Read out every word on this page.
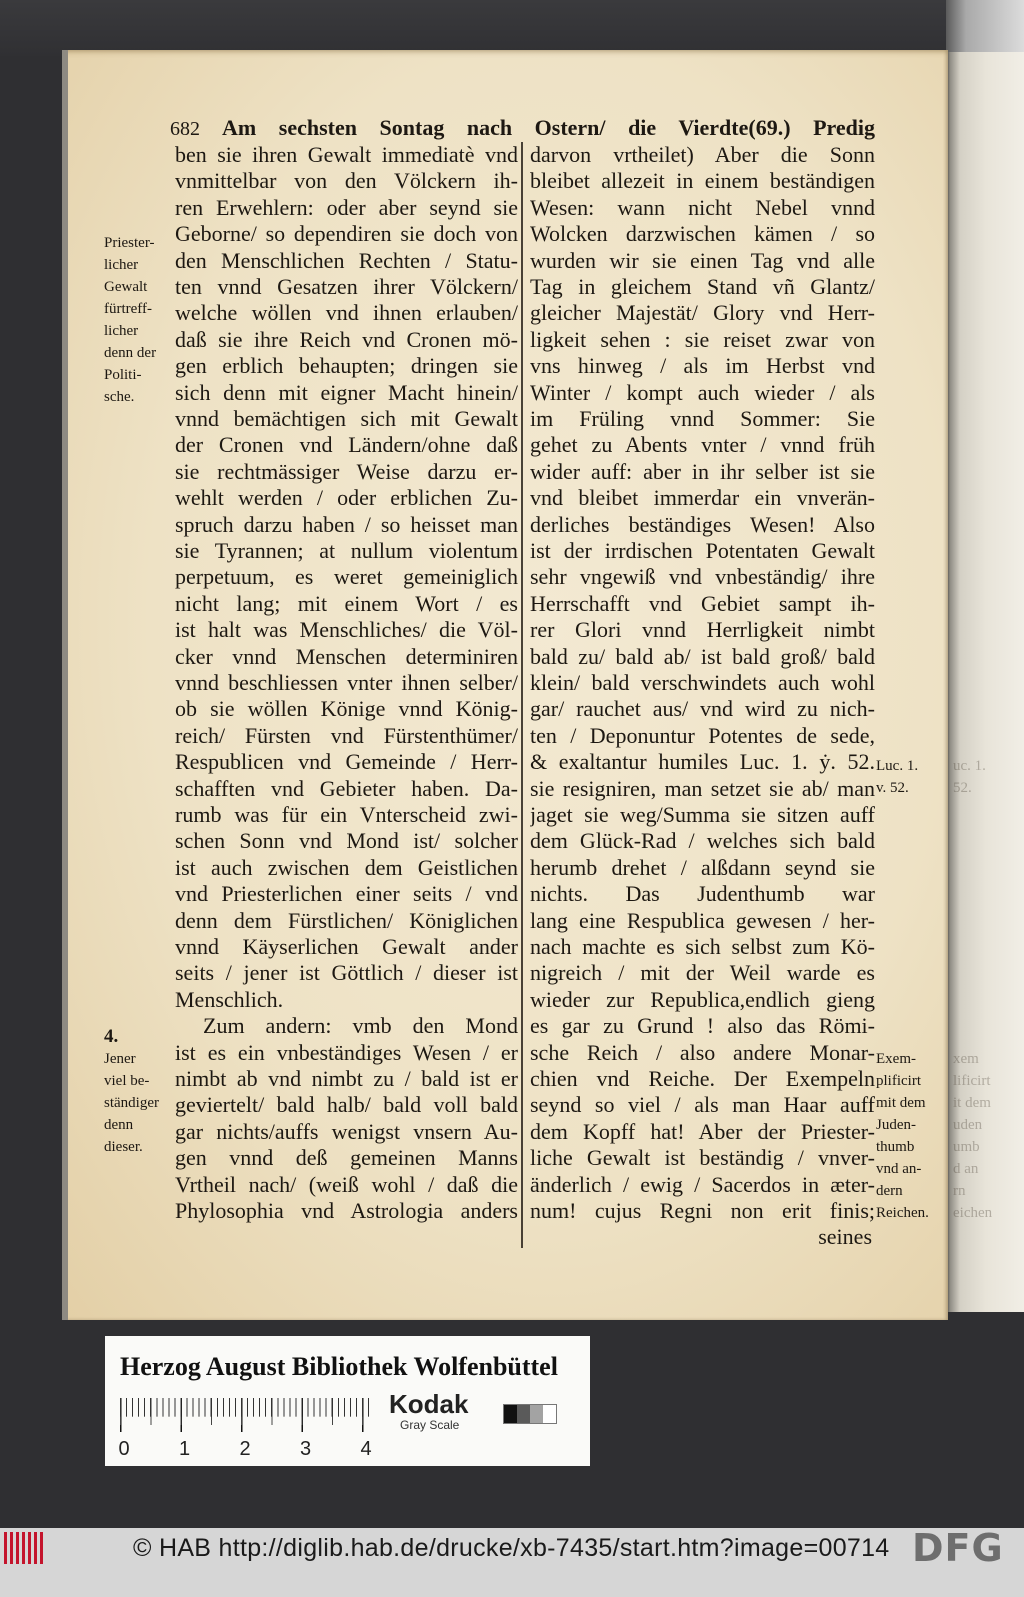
682	Am sechsten Sontag nach Ostern/ die Vierdte(69.) Predig
ben sie ihren Gewalt immediatè vnd
vnmittelbar von den Völckern ih-
ren Erwehlern: oder aber seynd sie
Geborne/ so dependiren sie doch von
den Menschlichen Rechten / Statu-
ten vnnd Gesatzen ihrer Völckern/
welche wöllen vnd ihnen erlauben/
daß sie ihre Reich vnd Cronen mö-
gen erblich behaupten; dringen sie
sich denn mit eigner Macht hinein/
vnnd bemächtigen sich mit Gewalt
der Cronen vnd Ländern/ohne daß
sie rechtmässiger Weise darzu er-
wehlt werden / oder erblichen Zu-
spruch darzu haben / so heisset man
sie Tyrannen; at nullum violentum
perpetuum, es weret gemeiniglich
nicht lang; mit einem Wort / es
ist halt was Menschliches/ die Völ-
cker vnnd Menschen determiniren
vnnd beschliessen vnter ihnen selber/
ob sie wöllen Könige vnnd König-
reich/ Fürsten vnd Fürstenthümer/
Respublicen vnd Gemeinde / Herr-
schafften vnd Gebieter haben. Da-
rumb was für ein Vnterscheid zwi-
schen Sonn vnd Mond ist/ solcher
ist auch zwischen dem Geistlichen
vnd Priesterlichen einer seits / vnd
denn dem Fürstlichen/ Königlichen
vnnd Käyserlichen Gewalt ander
seits / jener ist Göttlich / dieser ist
Menschlich.
Zum andern: vmb den Mond
ist es ein vnbeständiges Wesen / er
nimbt ab vnd nimbt zu / bald ist er
geviertelt/ bald halb/ bald voll bald
gar nichts/auffs wenigst vnsern Au-
gen vnnd deß gemeinen Manns
Vrtheil nach/ (weiß wohl / daß die
Phylosophia vnd Astrologia anders
darvon vrtheilet) Aber die Sonn
bleibet allezeit in einem beständigen
Wesen: wann nicht Nebel vnnd
Wolcken darzwischen kämen / so
wurden wir sie einen Tag vnd alle
Tag in gleichem Stand vñ Glantz/
gleicher Majestät/ Glory vnd Herr-
ligkeit sehen : sie reiset zwar von
vns hinweg / als im Herbst vnd
Winter / kompt auch wieder / als
im Früling vnnd Sommer: Sie
gehet zu Abents vnter / vnnd früh
wider auff: aber in ihr selber ist sie
vnd bleibet immerdar ein vnverän-
derliches beständiges Wesen! Also
ist der irrdischen Potentaten Gewalt
sehr vngewiß vnd vnbeständig/ ihre
Herrschafft vnd Gebiet sampt ih-
rer Glori vnnd Herrligkeit nimbt
bald zu/ bald ab/ ist bald groß/ bald
klein/ bald verschwindets auch wohl
gar/ rauchet aus/ vnd wird zu nich-
ten / Deponuntur Potentes de sede,
& exaltantur humiles Luc. 1. ẏ. 52.
sie resigniren, man setzet sie ab/ man
jaget sie weg/Summa sie sitzen auff
dem Glück-Rad / welches sich bald
herumb drehet / alßdann seynd sie
nichts. Das Judenthumb war
lang eine Respublica gewesen / her-
nach machte es sich selbst zum Kö-
nigreich / mit der Weil warde es
wieder zur Republica,endlich gieng
es gar zu Grund ! also das Römi-
sche Reich / also andere Monar-
chien vnd Reiche. Der Exempeln
seynd so viel / als man Haar auff
dem Kopff hat! Aber der Priester-
liche Gewalt ist beständig / vnver-
änderlich / ewig / Sacerdos in æter-
num! cujus Regni non erit finis;
seines
Herzog August Bibliothek Wolfenbüttel
0 1 2 3 4
Kodak
Gray Scale
© HAB http://diglib.hab.de/drucke/xb-7435/start.htm?image=00714 DFG
Priester-
licher
Gewalt
fürtreff-
licher
denn der
Politi-
sche.
4.
Jener
viel be-
ständiger
denn
dieser.
Luc. 1.
v. 52.
Exem-
plificirt
mit dem
Juden-
thumb
vnd an-
dern
Reichen.
uc. 1.
52.
xem
lificirt
it dem
uden
umb
d an
rn
eichen
